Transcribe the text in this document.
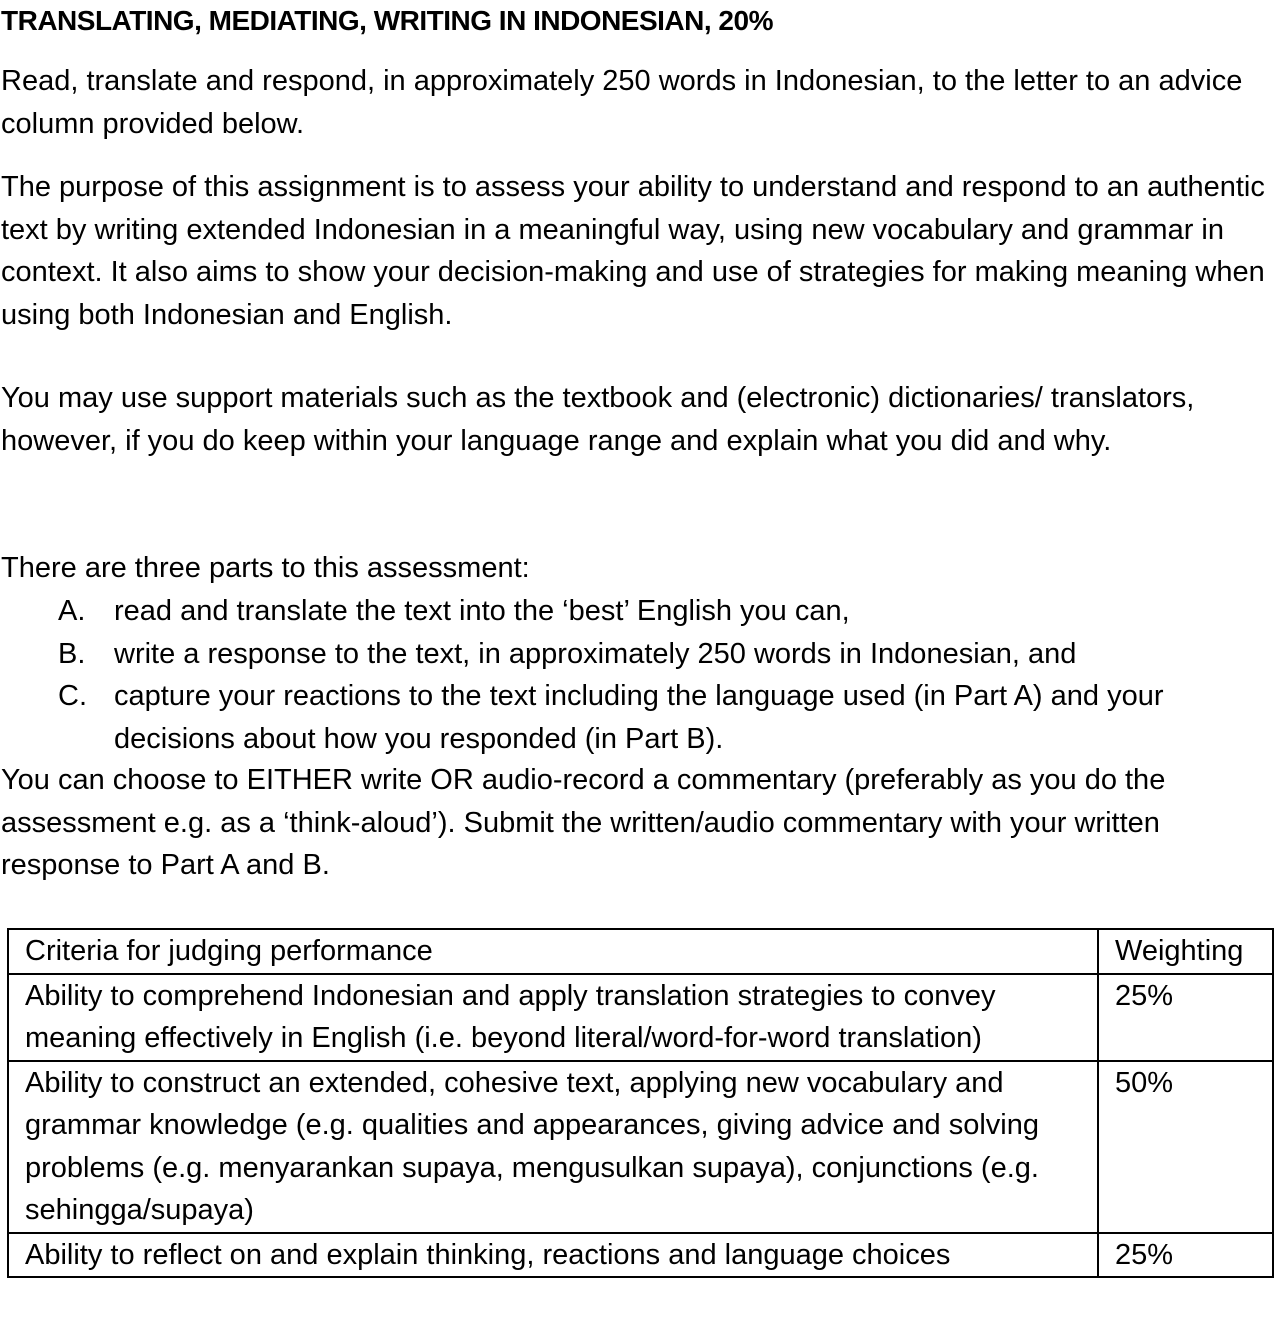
TRANSLATING, MEDIATING, WRITING IN INDONESIAN, 20%

Read, translate and respond, in approximately 250 words in Indonesian, to the letter to an advice column provided below.

The purpose of this assignment is to assess your ability to understand and respond to an authentic text by writing extended Indonesian in a meaningful way, using new vocabulary and grammar in context. It also aims to show your decision-making and use of strategies for making meaning when using both Indonesian and English.

You may use support materials such as the textbook and (electronic) dictionaries/ translators, however, if you do keep within your language range and explain what you did and why.

There are three parts to this assessment:

A. read and translate the text into the ‘best’ English you can,
B. write a response to the text, in approximately 250 words in Indonesian, and
C. capture your reactions to the text including the language used (in Part A) and your decisions about how you responded (in Part B).

You can choose to EITHER write OR audio-record a commentary (preferably as you do the assessment e.g. as a ‘think-aloud’). Submit the written/audio commentary with your written response to Part A and B.

Criteria for judging performance	Weighting
Ability to comprehend Indonesian and apply translation strategies to convey meaning effectively in English (i.e. beyond literal/word-for-word translation)	25%
Ability to construct an extended, cohesive text, applying new vocabulary and grammar knowledge (e.g. qualities and appearances, giving advice and solving problems (e.g. menyarankan supaya, mengusulkan supaya), conjunctions (e.g. sehingga/supaya)	50%
Ability to reflect on and explain thinking, reactions and language choices	25%
